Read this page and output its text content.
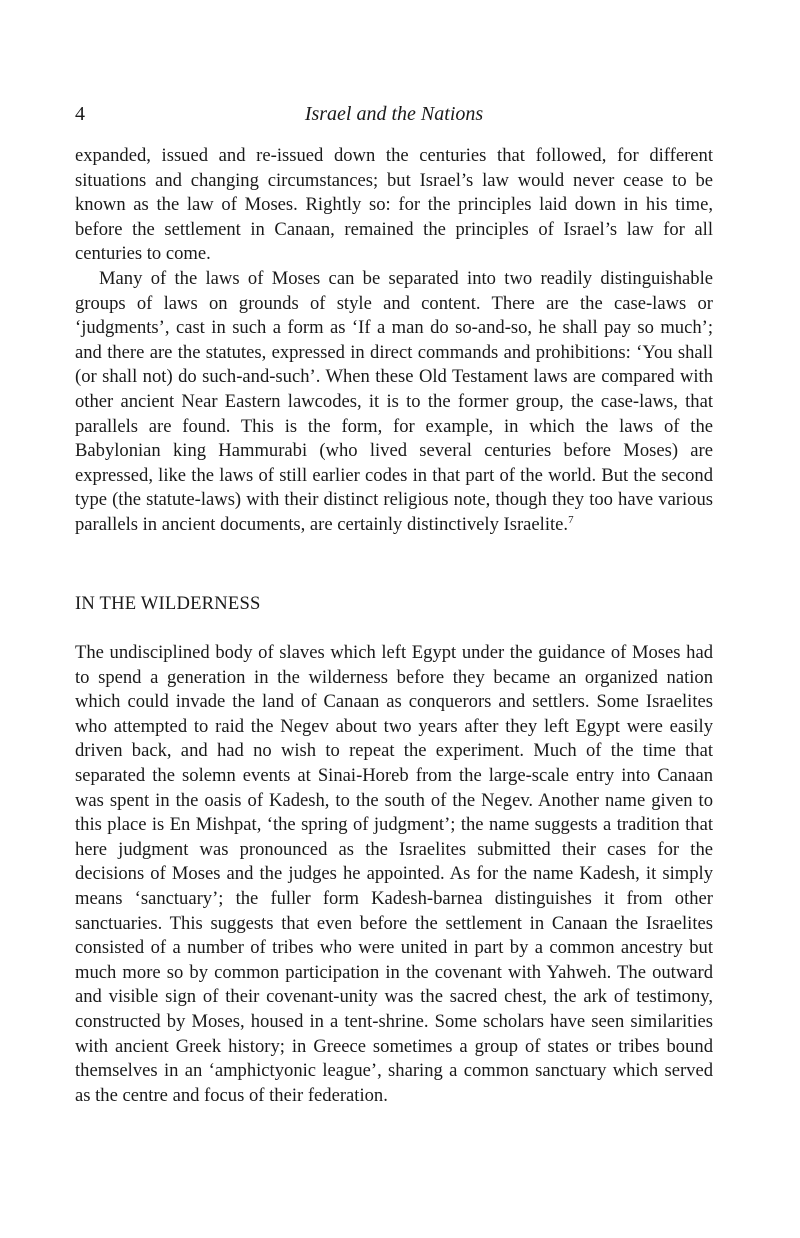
4	Israel and the Nations

expanded, issued and re-issued down the centuries that followed, for different situations and changing circumstances; but Israel’s law would never cease to be known as the law of Moses. Rightly so: for the principles laid down in his time, before the settlement in Canaan, remained the principles of Israel’s law for all centuries to come.

Many of the laws of Moses can be separated into two readily distinguishable groups of laws on grounds of style and content. There are the case-laws or ‘judgments’, cast in such a form as ‘If a man do so-and-so, he shall pay so much’; and there are the statutes, expressed in direct commands and prohibitions: ‘You shall (or shall not) do such-and-such’. When these Old Testament laws are compared with other ancient Near Eastern lawcodes, it is to the former group, the case-laws, that parallels are found. This is the form, for example, in which the laws of the Babylonian king Hammurabi (who lived several centuries before Moses) are expressed, like the laws of still earlier codes in that part of the world. But the second type (the statute-laws) with their distinct religious note, though they too have various parallels in ancient documents, are certainly distinctively Israelite.$^7$

IN THE WILDERNESS

The undisciplined body of slaves which left Egypt under the guidance of Moses had to spend a generation in the wilderness before they became an organized nation which could invade the land of Canaan as conquerors and settlers. Some Israelites who attempted to raid the Negev about two years after they left Egypt were easily driven back, and had no wish to repeat the experiment. Much of the time that separated the solemn events at Sinai-Horeb from the large-scale entry into Canaan was spent in the oasis of Kadesh, to the south of the Negev. Another name given to this place is En Mishpat, ‘the spring of judgment’; the name suggests a tradition that here judgment was pronounced as the Israelites submitted their cases for the decisions of Moses and the judges he appointed. As for the name Kadesh, it simply means ‘sanctuary’; the fuller form Kadesh-barnea distinguishes it from other sanctuaries. This suggests that even before the settlement in Canaan the Israelites consisted of a number of tribes who were united in part by a common ancestry but much more so by common participation in the covenant with Yahweh. The outward and visible sign of their covenant-unity was the sacred chest, the ark of testimony, constructed by Moses, housed in a tent-shrine. Some scholars have seen similarities with ancient Greek history; in Greece sometimes a group of states or tribes bound themselves in an ‘amphictyonic league’, sharing a common sanctuary which served as the centre and focus of their federation.
